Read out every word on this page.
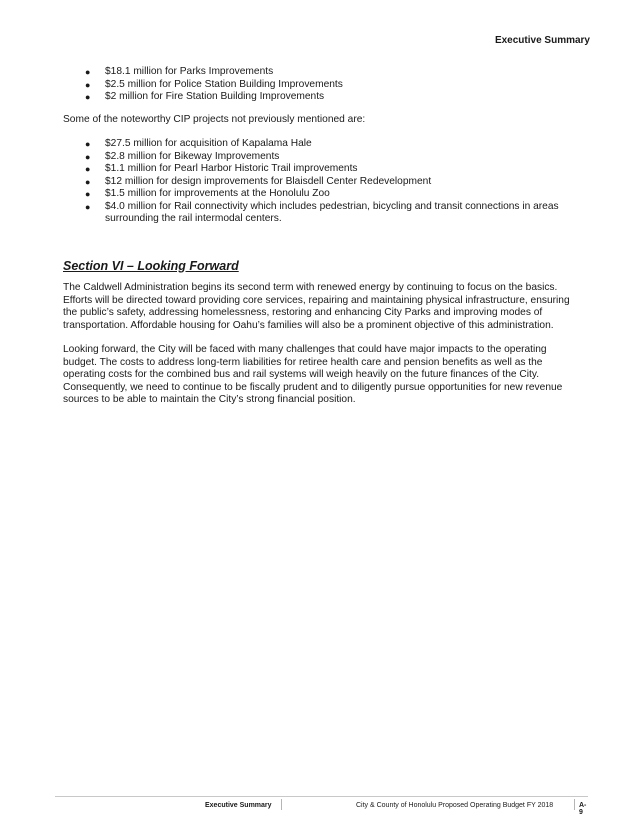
Executive Summary
● $18.1 million for Parks Improvements
● $2.5 million for Police Station Building Improvements
● $2 million for Fire Station Building Improvements

Some of the noteworthy CIP projects not previously mentioned are:

● $27.5 million for acquisition of Kapalama Hale
● $2.8 million for Bikeway Improvements
● $1.1 million for Pearl Harbor Historic Trail improvements
● $12 million for design improvements for Blaisdell Center Redevelopment
● $1.5 million for improvements at the Honolulu Zoo
● $4.0 million for Rail connectivity which includes pedestrian, bicycling and transit connections in areas surrounding the rail intermodal centers.
Section VI – Looking Forward

The Caldwell Administration begins its second term with renewed energy by continuing to focus on the basics. Efforts will be directed toward providing core services, repairing and maintaining physical infrastructure, ensuring the public’s safety, addressing homelessness, restoring and enhancing City Parks and improving modes of transportation. Affordable housing for Oahu’s families will also be a prominent objective of this administration.

Looking forward, the City will be faced with many challenges that could have major impacts to the operating budget. The costs to address long-term liabilities for retiree health care and pension benefits as well as the operating costs for the combined bus and rail systems will weigh heavily on the future finances of the City. Consequently, we need to continue to be fiscally prudent and to diligently pursue opportunities for new revenue sources to be able to maintain the City’s strong financial position.

Executive Summary	City & County of Honolulu Proposed Operating Budget FY 2018	A-9
